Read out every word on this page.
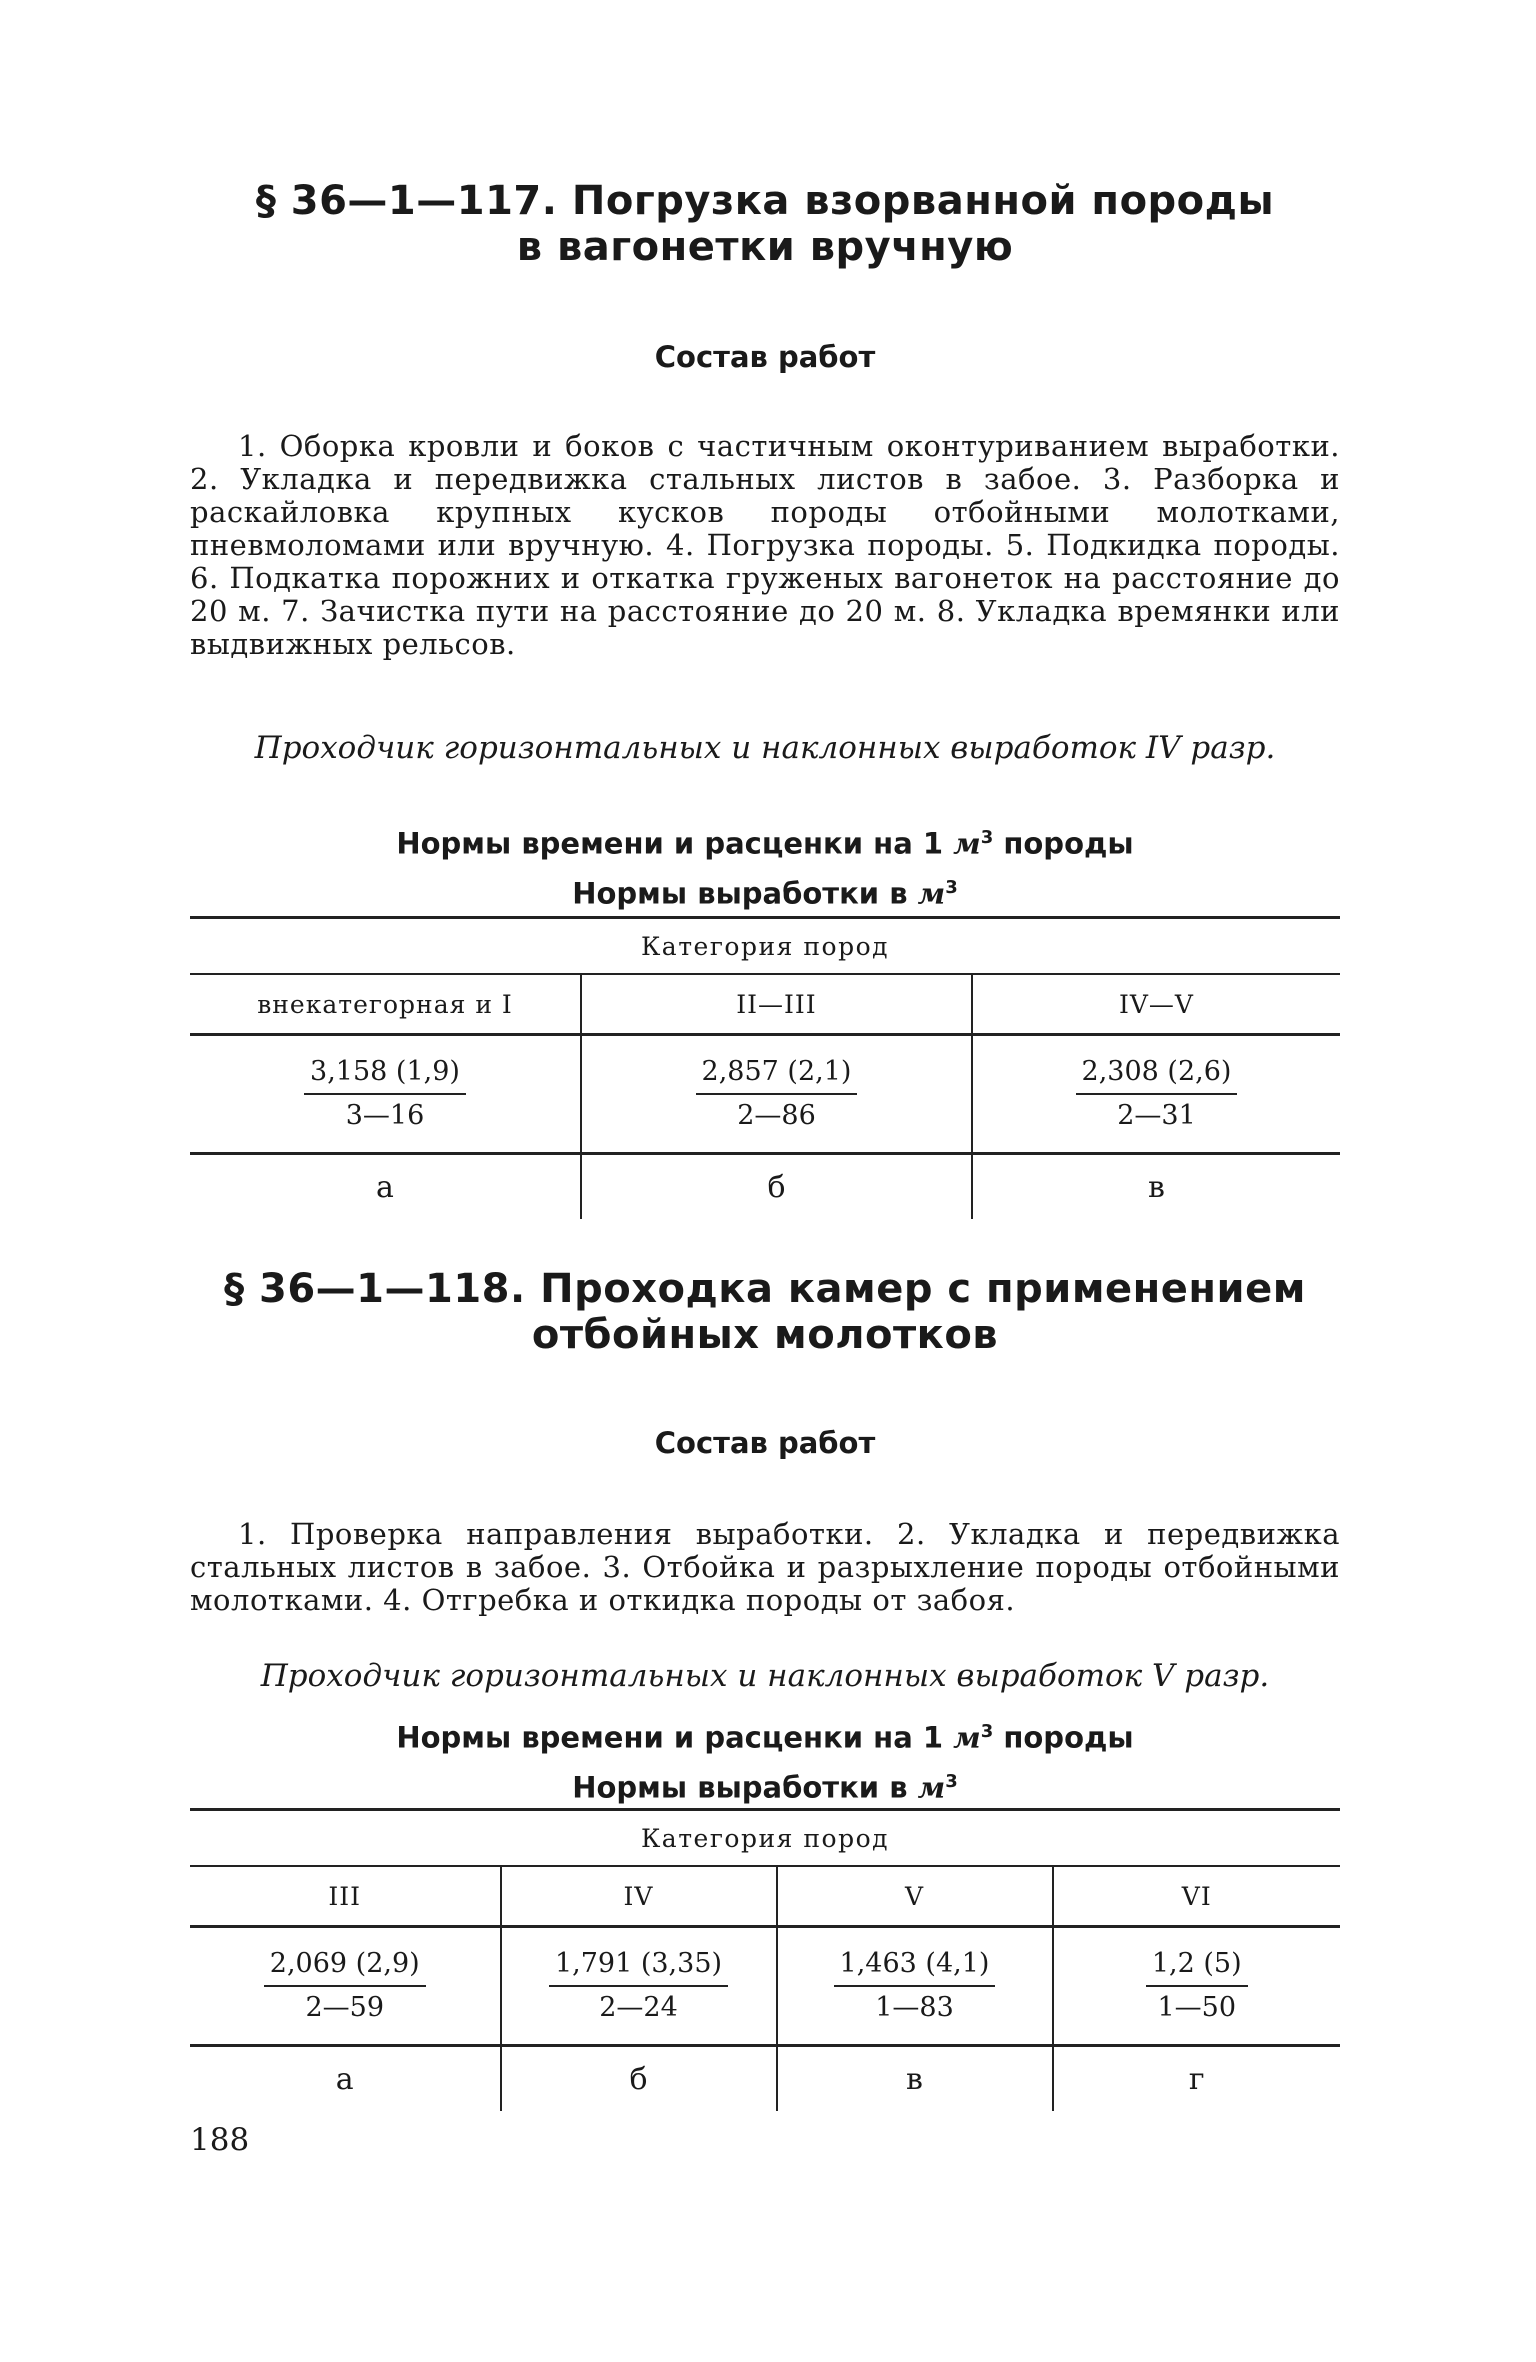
§ 36—1—117. Погрузка взорванной породы
в вагонетки вручную
Состав работ
1. Оборка кровли и боков с частичным оконтуриванием выработки. 2. Укладка и передвижка стальных листов в забое. 3. Разборка и раскайловка крупных кусков породы отбойными молотками, пневмоломами или вручную. 4. Погрузка породы. 5. Подкидка породы. 6. Подкатка порожних и откатка груженых вагонеток на расстояние до 20 м. 7. Зачистка пути на расстояние до 20 м. 8. Укладка времянки или выдвижных рельсов.
Проходчик горизонтальных и наклонных выработок IV разр.
Нормы времени и расценки на 1 $м^3$ породы
Нормы выработки в $м^3$
Категория пород		
внекатегорная и I	II—III	IV—V

$\frac{3,158 (1,9)}{3—16}$	$\frac{2,857 (2,1)}{2—86}$	$\frac{2,308 (2,6)}{2—31}$

а	б	в
§ 36—1—118. Проходка камер с применением
отбойных молотков
Состав работ
1. Проверка направления выработки. 2. Укладка и передвижка стальных листов в забое. 3. Отбойка и разрыхление породы отбойными молотками. 4. Отгребка и откидка породы от забоя.
Проходчик горизонтальных и наклонных выработок V разр.
Нормы времени и расценки на 1 $м^3$ породы
Нормы выработки в $м^3$
Категория пород			
III	IV	V	VI

$\frac{2,069 (2,9)}{2—59}$	$\frac{1,791 (3,35)}{2—24}$	$\frac{1,463 (4,1)}{1—83}$	$\frac{1,2 (5)}{1—50}$

а	б	в	г
188
